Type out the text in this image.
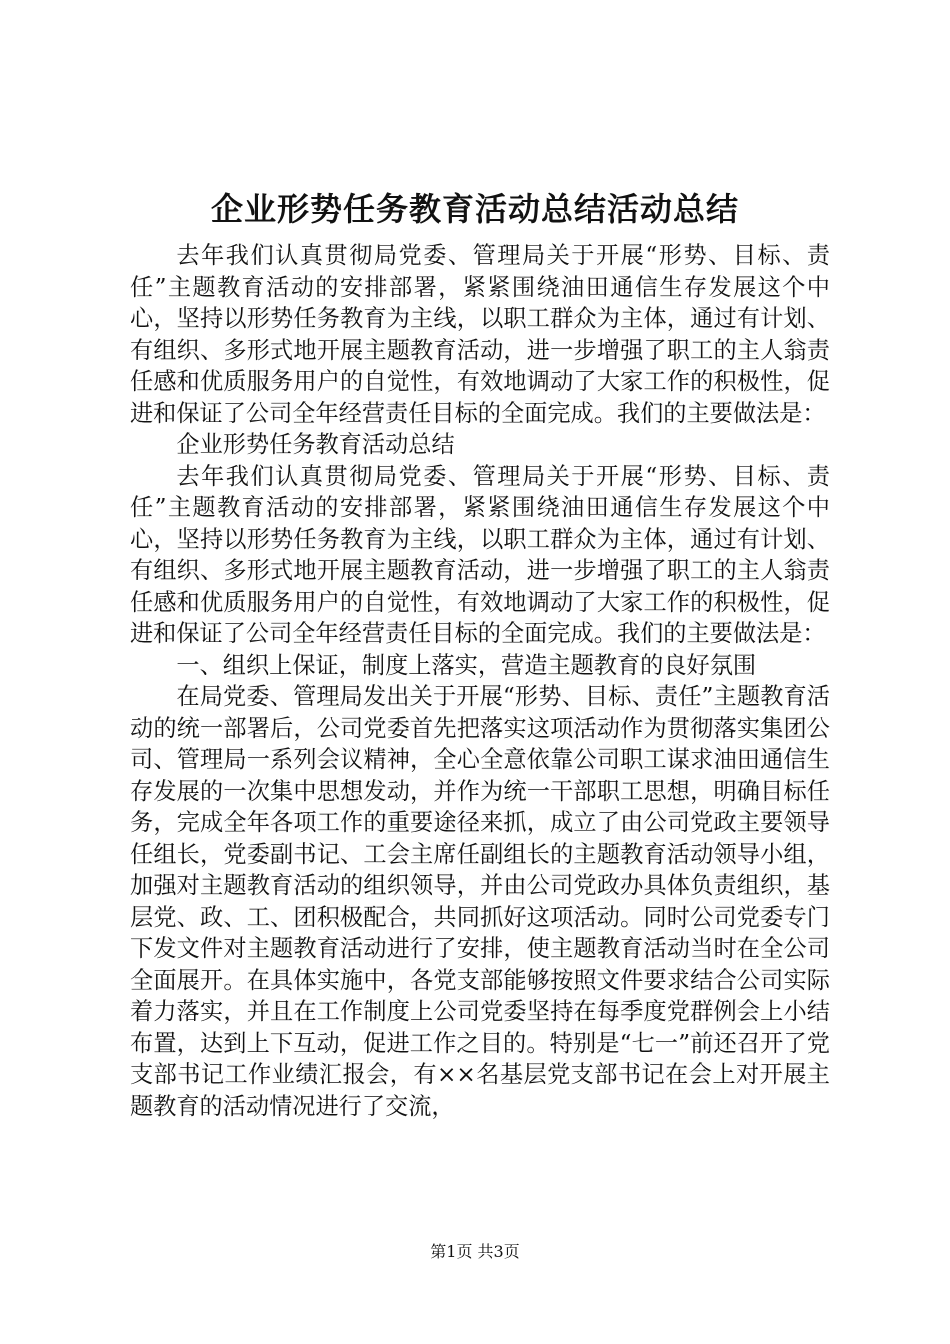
企业形势任务教育活动总结活动总结

去年我们认真贯彻局党委、管理局关于开展“形势、目标、责任”主题教育活动的安排部署，紧紧围绕油田通信生存发展这个中心，坚持以形势任务教育为主线，以职工群众为主体，通过有计划、有组织、多形式地开展主题教育活动，进一步增强了职工的主人翁责任感和优质服务用户的自觉性，有效地调动了大家工作的积极性，促进和保证了公司全年经营责任目标的全面完成。我们的主要做法是：

企业形势任务教育活动总结

去年我们认真贯彻局党委、管理局关于开展“形势、目标、责任”主题教育活动的安排部署，紧紧围绕油田通信生存发展这个中心，坚持以形势任务教育为主线，以职工群众为主体，通过有计划、有组织、多形式地开展主题教育活动，进一步增强了职工的主人翁责任感和优质服务用户的自觉性，有效地调动了大家工作的积极性，促进和保证了公司全年经营责任目标的全面完成。我们的主要做法是：

一、组织上保证，制度上落实，营造主题教育的良好氛围

在局党委、管理局发出关于开展“形势、目标、责任”主题教育活动的统一部署后，公司党委首先把落实这项活动作为贯彻落实集团公司、管理局一系列会议精神，全心全意依靠公司职工谋求油田通信生存发展的一次集中思想发动，并作为统一干部职工思想，明确目标任务，完成全年各项工作的重要途径来抓，成立了由公司党政主要领导任组长，党委副书记、工会主席任副组长的主题教育活动领导小组，加强对主题教育活动的组织领导，并由公司党政办具体负责组织，基层党、政、工、团积极配合，共同抓好这项活动。同时公司党委专门下发文件对主题教育活动进行了安排，使主题教育活动当时在全公司全面展开。在具体实施中，各党支部能够按照文件要求结合公司实际着力落实，并且在工作制度上公司党委坚持在每季度党群例会上小结布置，达到上下互动，促进工作之目的。特别是“七一”前还召开了党支部书记工作业绩汇报会，有××名基层党支部书记在会上对开展主题教育的活动情况进行了交流，

第1页 共3页
